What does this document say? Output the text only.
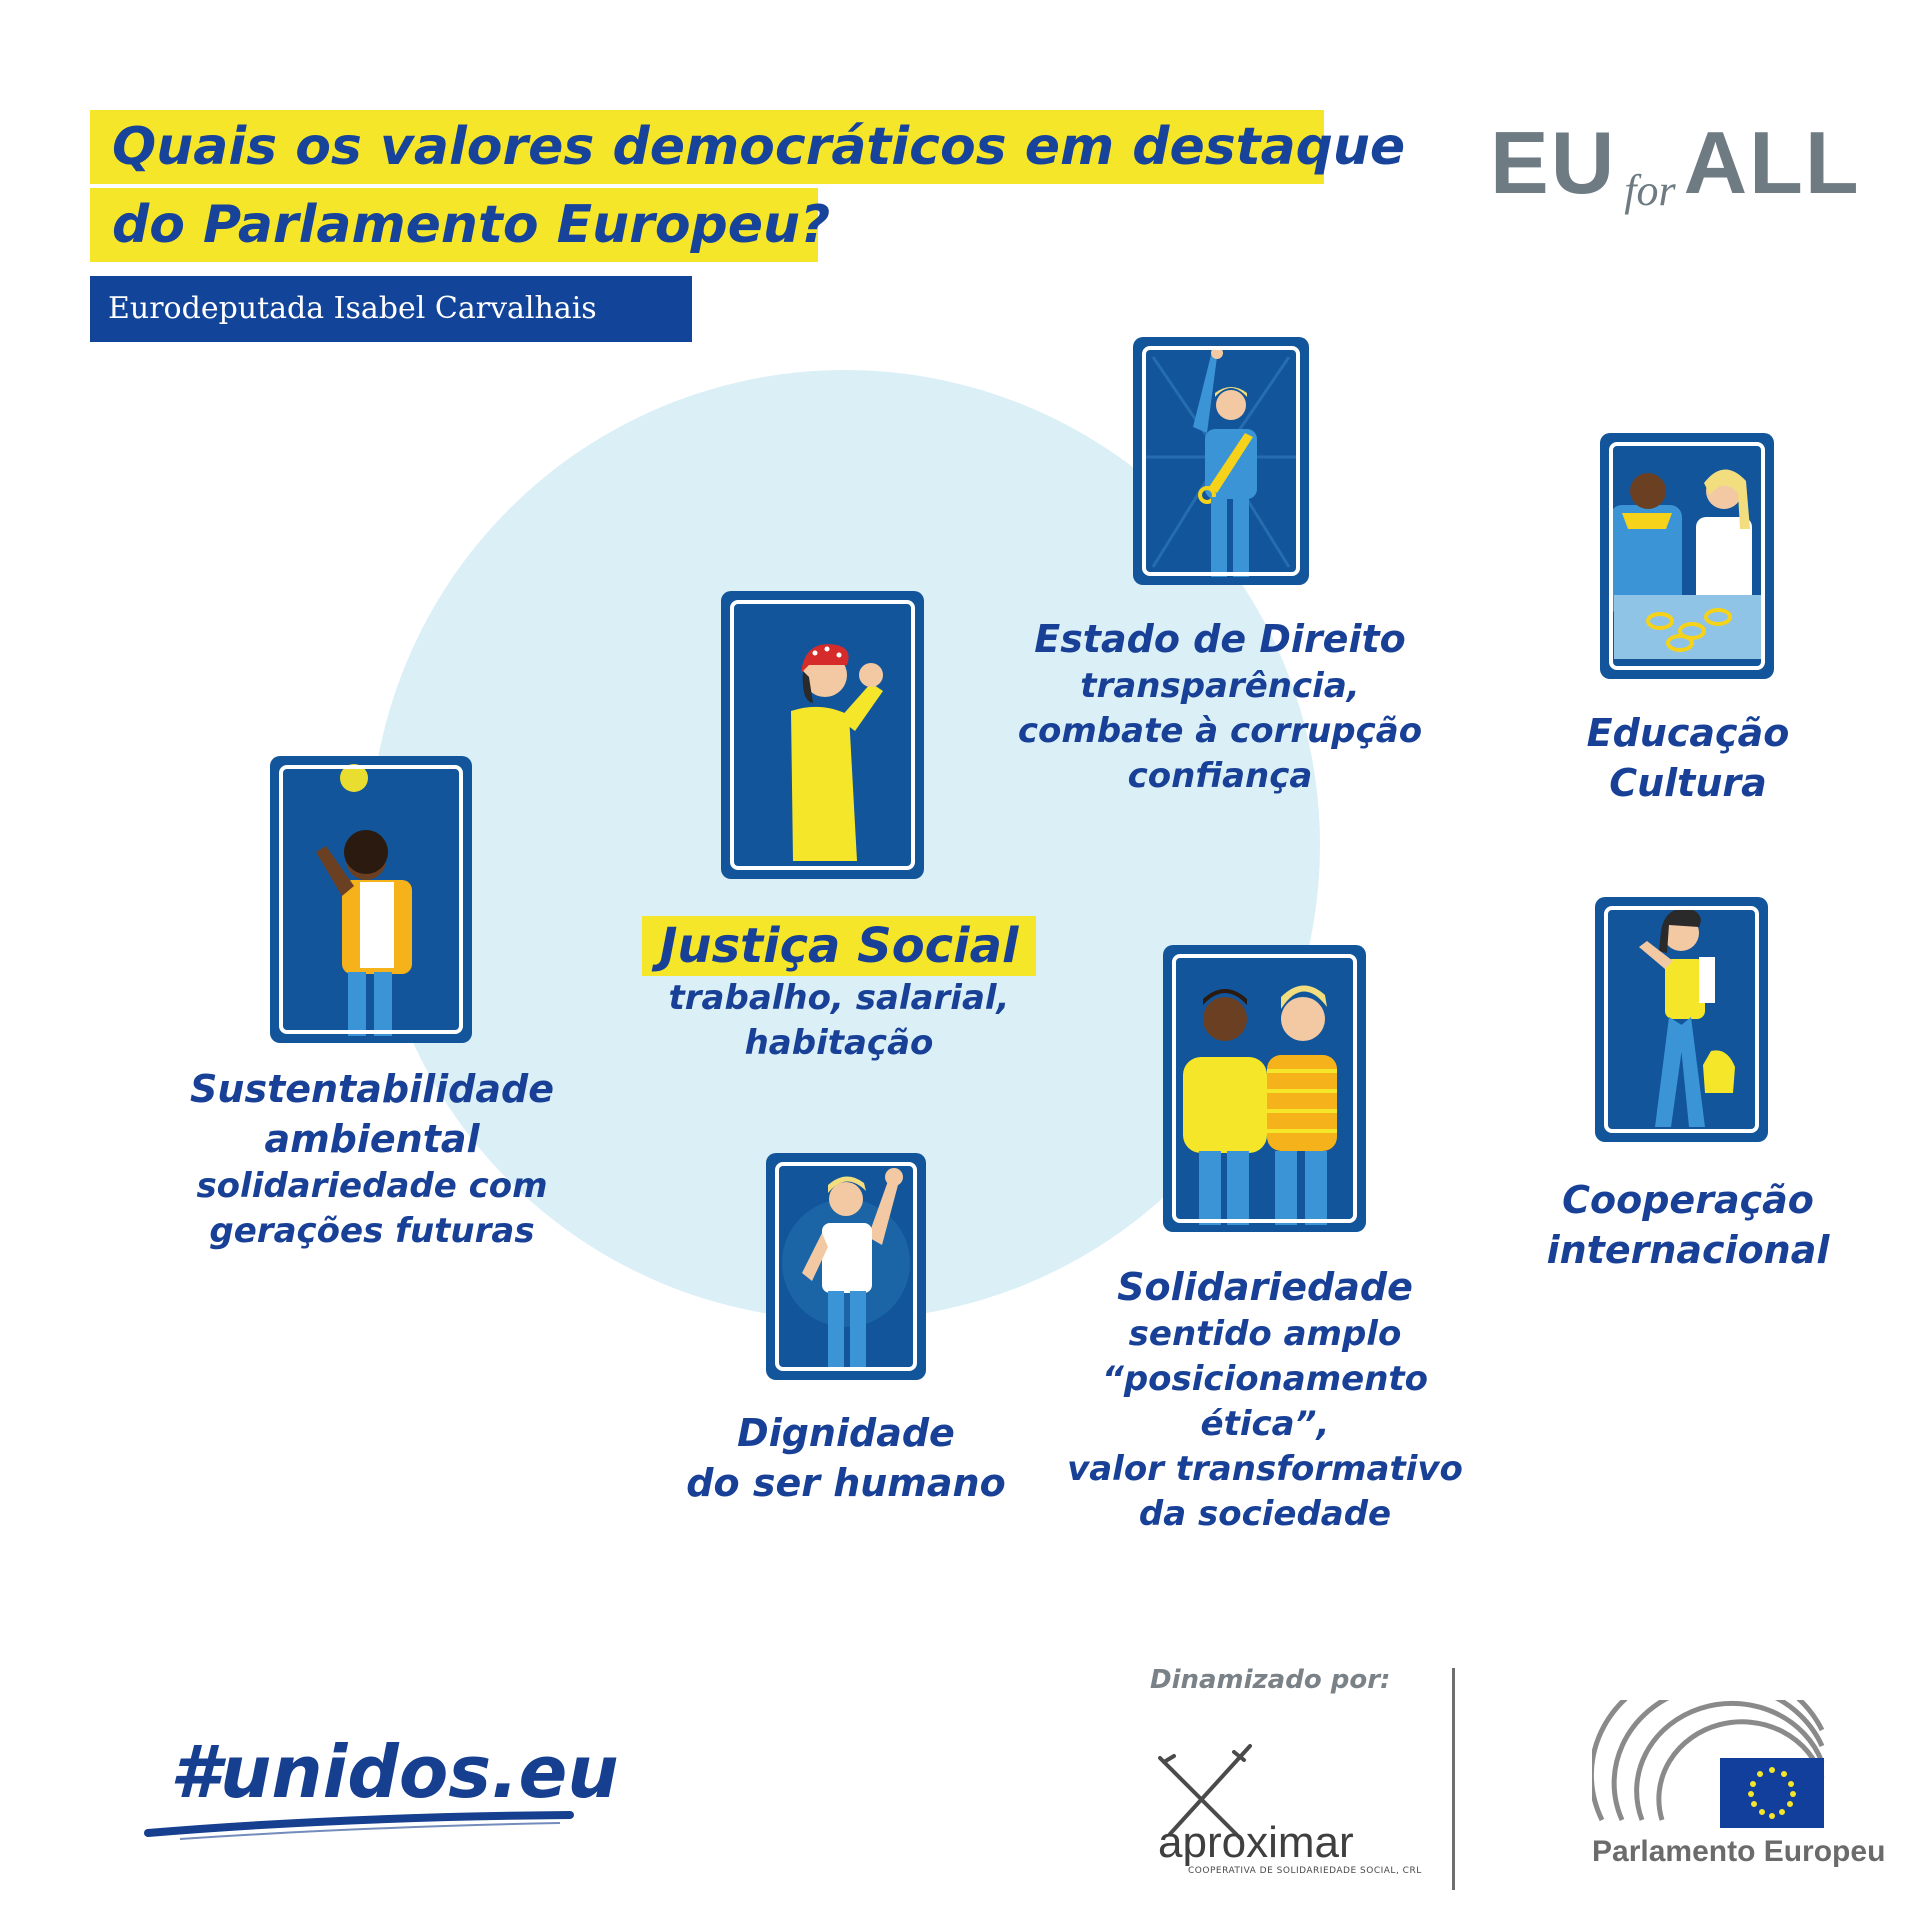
Quais os valores democráticos em destaque
do Parlamento Europeu?
Eurodeputada Isabel Carvalhais
EU forALL
Estado de Direito
transparência,
combate à corrupção
confiança
Educação
Cultura
Justiça Social
trabalho, salarial,
habitação
Sustentabilidade
ambiental
solidariedade com
gerações futuras
Solidariedade
sentido amplo
“posicionamento
ética”,
valor transformativo
da sociedade
Cooperação
internacional
Dignidade
do ser humano
#unidos.eu
Dinamizado por:
aproximar
COOPERATIVA DE SOLIDARIEDADE SOCIAL, CRL
Parlamento Europeu
